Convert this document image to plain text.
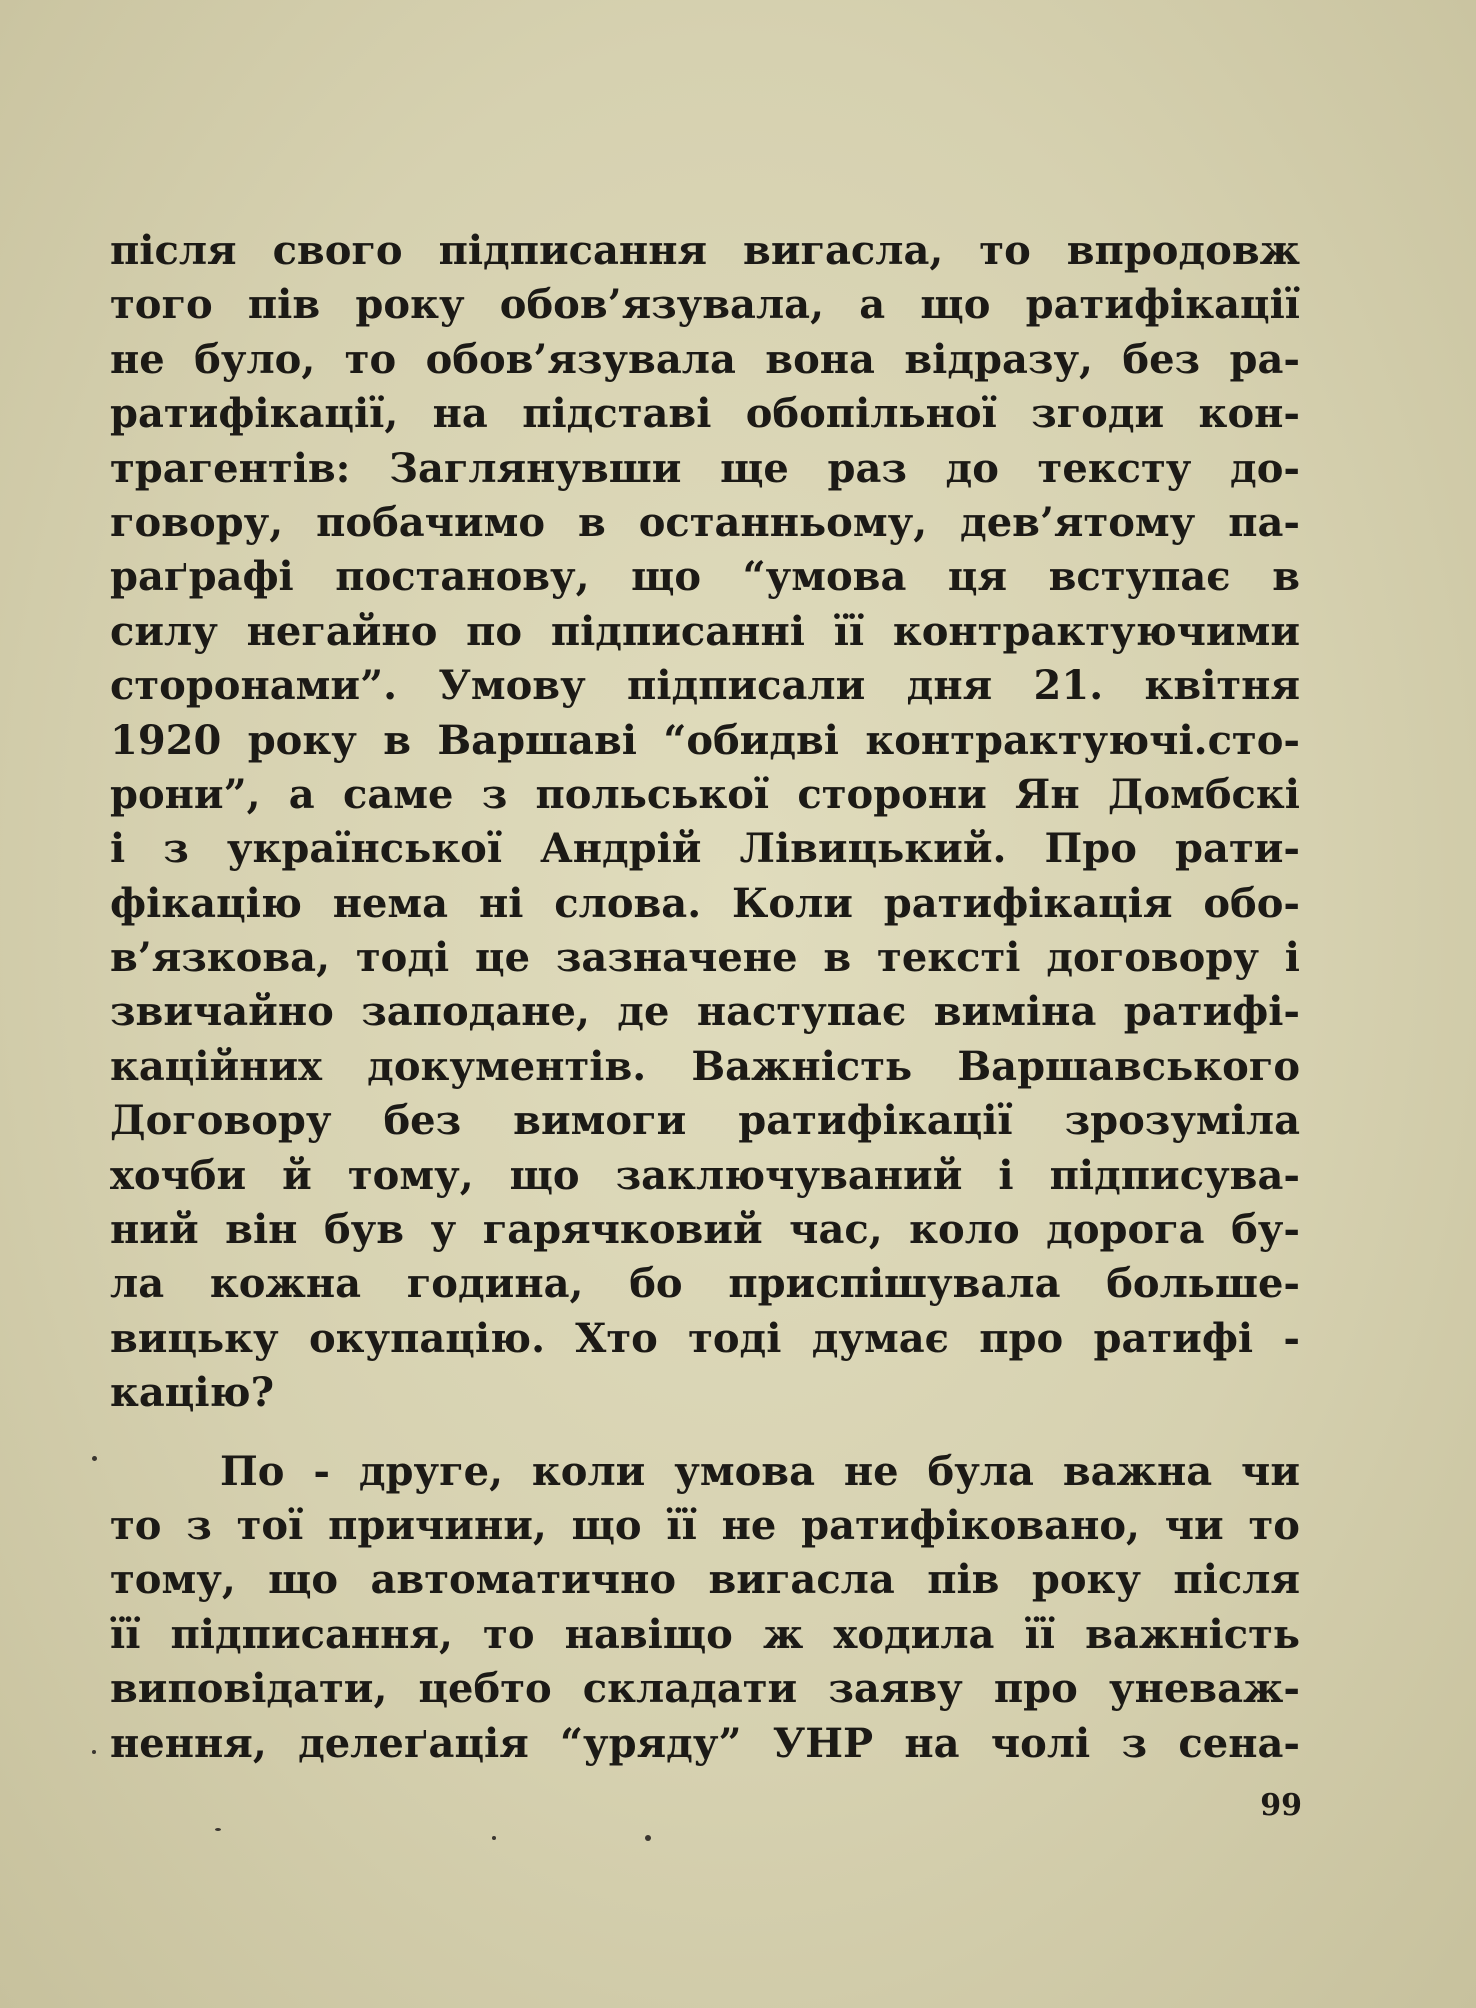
після свого підписання вигасла, то впродовж
того пів року обов’язувала, а що ратифікації
не було, то обов’язувала вона відразу, без ра-
ратифікації, на підставі обопільної згоди кон-
трагентів: Заглянувши ще раз до тексту до-
говору, побачимо в останньому, дев’ятому па-
раґрафі постанову, що “умова ця вступає в
силу негайно по підписанні її контрактуючими
сторонами”. Умову підписали дня 21. квітня
1920 року в Варшаві “обидві контрактуючі.сто-
рони”, а саме з польської сторони Ян Домбскі
і з української Андрій Лівицький. Про рати-
фікацію нема ні слова. Коли ратифікація обо-
в’язкова, тоді це зазначене в тексті договору і
звичайно заподане, де наступає виміна ратифі-
каційних документів. Важність Варшавського
Договору без вимоги ратифікації зрозуміла
хочби й тому, що заключуваний і підписува-
ний він був у гарячковий час, коло дорога бу-
ла кожна година, бо приспішувала большe-
вицьку окупацію. Хто тоді думає про ратифі -
кацію?
По - друге, коли умова не була важна чи
то з тої причини, що її не ратифіковано, чи то
тому, що автоматично вигасла пів року після
її підписання, то навіщо ж ходила її важність
виповідати, цебто складати заяву про уневаж-
нення, делеґація “уряду” УНР на чолі з сена-
99
